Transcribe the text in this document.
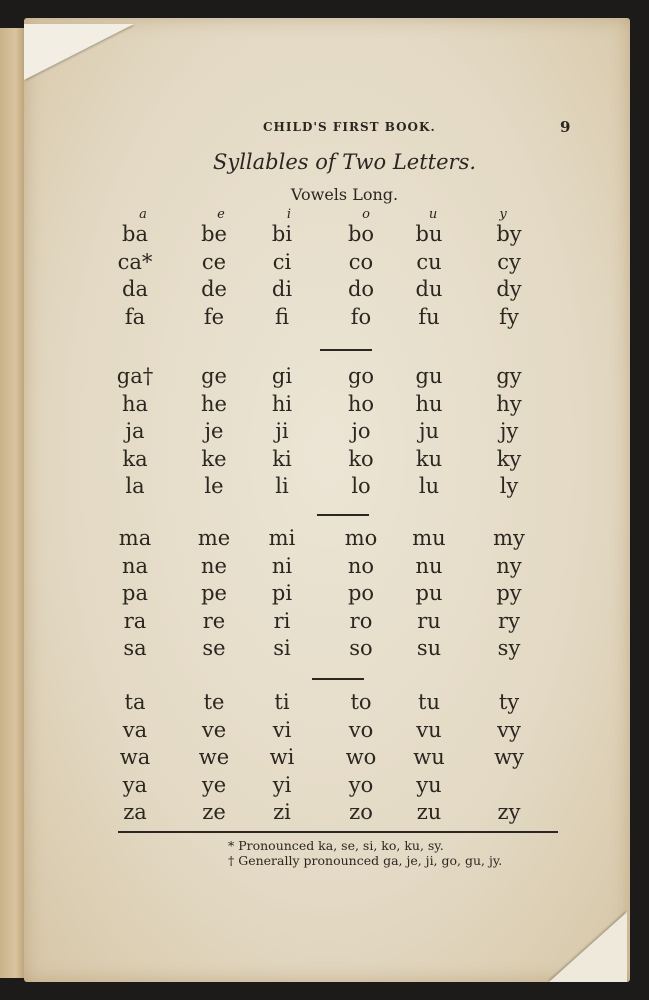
CHILD'S FIRST BOOK.	9
Syllables of Two Letters.
Vowels Long.
a	e	i	o	u	y
ba	be	bi	bo	bu	by
ca*	ce	ci	co	cu	cy
da	de	di	do	du	dy
fa	fe	fi	fo	fu	fy
ga†	ge	gi	go	gu	gy
ha	he	hi	ho	hu	hy
ja	je	ji	jo	ju	jy
ka	ke	ki	ko	ku	ky
la	le	li	lo	lu	ly
ma	me	mi	mo	mu	my
na	ne	ni	no	nu	ny
pa	pe	pi	po	pu	py
ra	re	ri	ro	ru	ry
sa	se	si	so	su	sy
ta	te	ti	to	tu	ty
va	ve	vi	vo	vu	vy
wa	we	wi	wo	wu	wy
ya	ye	yi	yo	yu
za	ze	zi	zo	zu	zy
* Pronounced ka, se, si, ko, ku, sy.
† Generally pronounced ga, je, ji, go, gu, jy.
